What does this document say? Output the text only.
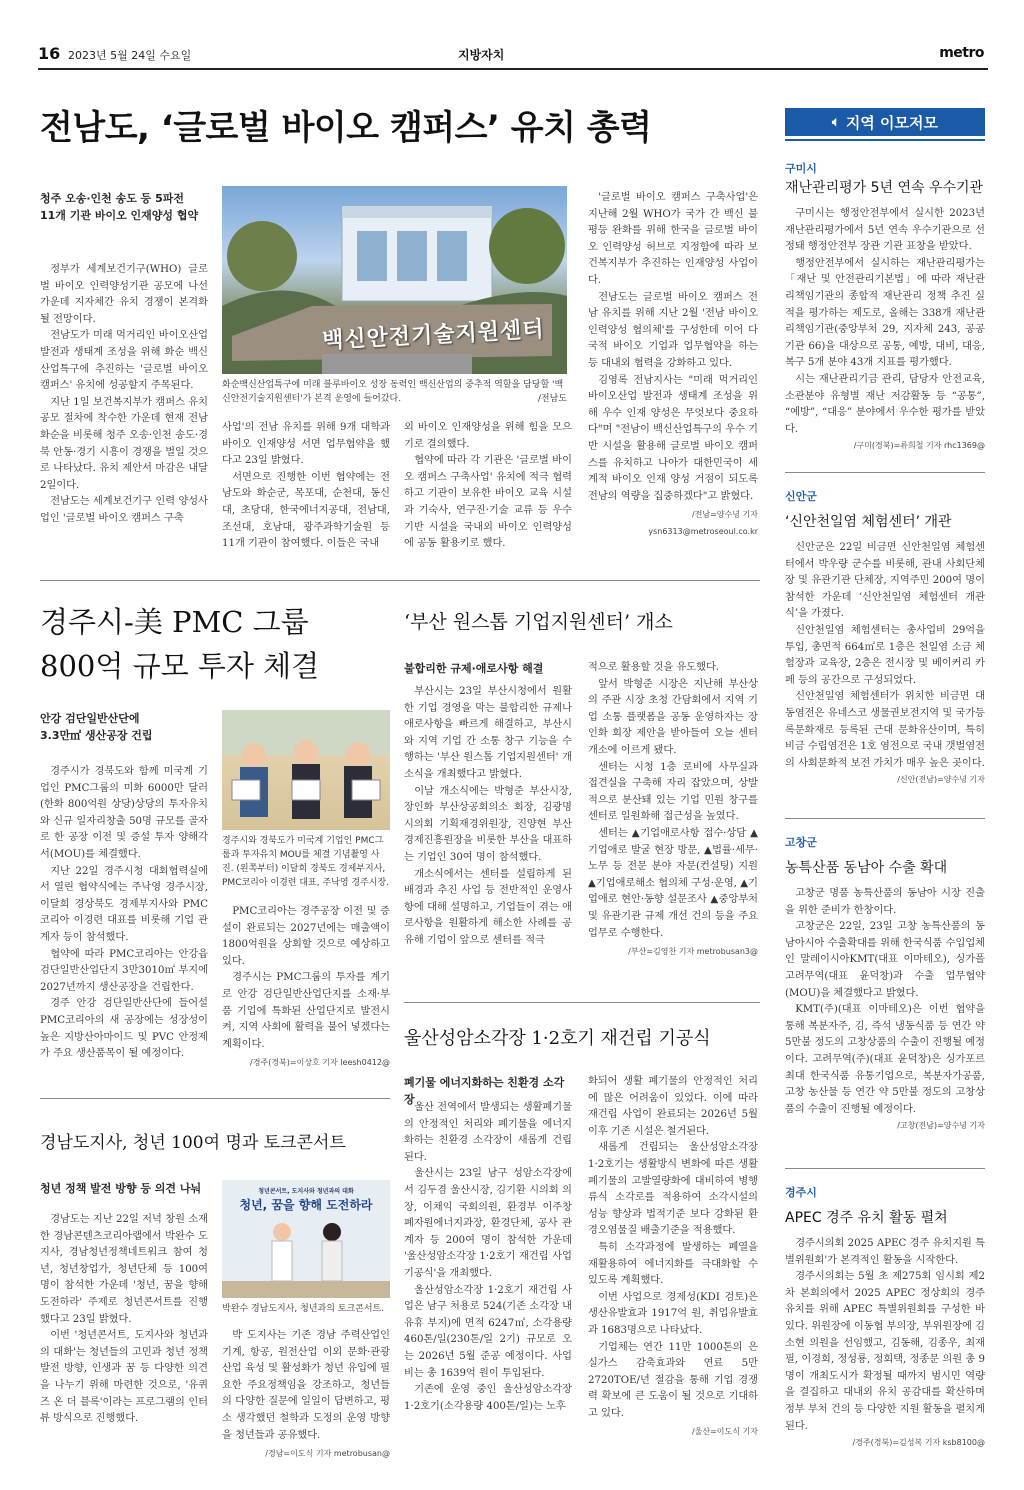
16 2023년 5월 24일 수요일	지방자치	metro
🔈︎ 지역 이모저모
구미시
재난관리평가 5년 연속 우수기관

구미시는 행정안전부에서 실시한 2023년 재난관리평가에서 5년 연속 우수기관으로 선정돼 행정안전부 장관 기관 표창을 받았다.

행정안전부에서 실시하는 재난관리평가는 「재난 및 안전관리기본법」에 따라 재난관리책임기관의 종합적 재난관리 정책 추진 실적을 평가하는 제도로, 올해는 338개 재난관리책임기관(중앙부처 29, 지자체 243, 공공기관 66)을 대상으로 공통, 예방, 대비, 대응, 복구 5개 분야 43개 지표를 평가했다.

시는 재난관리기금 관리, 담당자 안전교육, 소관분야 유형별 재난 저감활동 등 “공통”, “예방”, “대응” 분야에서 우수한 평가를 받았다.

/구미(경북)=류희철 기자 rhc1369@
신안군
‘신안천일염 체험센터’ 개관

신안군은 22일 비금면 신안천일염 체험센터에서 박우량 군수를 비롯해, 관내 사회단체장 및 유관기관 단체장, 지역주민 200여 명이 참석한 가운데 ‘신안천일염 체험센터 개관식’을 가졌다.

신안천일염 체험센터는 총사업비 29억을 투입, 총면적 664㎡로 1층은 천일염 소금 체험장과 교육장, 2층은 전시장 및 베이커리 카페 등의 공간으로 구성되었다.

신안천일염 체험센터가 위치한 비금면 대동염전은 유네스코 생물권보전지역 및 국가등록문화재로 등록된 근대 문화유산이며, 특히 비금 수립염전은 1호 염전으로 국내 갯벌염전의 사회문화적 보전 가치가 매우 높은 곳이다.

/신안(전남)=양수녕 기자
고창군
농특산품 동남아 수출 확대

고창군 명품 농특산품의 동남아 시장 진출을 위한 준비가 한창이다.

고창군은 22일, 23일 고창 농특산품의 동남아시아 수출확대를 위해 한국식품 수입업체인 말레이시아KMT(대표 이마테오), 싱가폴 고려무역(대표 윤덕창)과 수출 업무협약(MOU)을 체결했다고 밝혔다.

KMT(주)(대표 이마테오)은 이번 협약을 통해 복분자주, 김, 즉석 냉동식품 등 연간 약 5만불 정도의 고창상품의 수출이 진행될 예정이다. 고려무역(주)(대표 윤덕창)은 싱가포르 최대 한국식품 유통기업으로, 복분자가공품, 고창 농산물 등 연간 약 5만불 정도의 고창상품의 수출이 진행될 예정이다.

/고창(전남)=양수녕 기자
경주시
APEC 경주 유치 활동 펼쳐

경주시의회 2025 APEC 경주 유치지원 특별위원회'가 본격적인 활동을 시작한다.

경주시의회는 5월 초 제275회 임시회 제2차 본회의에서 2025 APEC 정상회의 경주 유치를 위해 APEC 특별위원회를 구성한 바 있다. 위원장에 이동협 부의장, 부위원장에 김소현 의원을 선임했고, 김동해, 김종우, 최재필, 이경희, 정성룡, 정희택, 정종문 의원 총 9명이 개최도시가 확정될 때까지 범시민 역량을 결집하고 대내외 유치 공감대를 확산하며 정부 부처 건의 등 다양한 지원 활동을 펼치게 된다.

/경주(경북)=김성복 기자 ksb8100@
전남도, ‘글로벌 바이오 캠퍼스’ 유치 총력
청주 오송·인천 송도 등 5파전
11개 기관 바이오 인재양성 협약

정부가 세계보건기구(WHO) 글로벌 바이오 인력양성기관 공모에 나선 가운데 지자체간 유치 경쟁이 본격화될 전망이다.

전남도가 미래 먹거리인 바이오산업 발전과 생태계 조성을 위해 화순 백신산업특구에 추진하는 '글로벌 바이오 캠퍼스' 유치에 성공할지 주목된다.

지난 1일 보건복지부가 캠퍼스 유치 공모 절차에 착수한 가운데 현재 전남 화순을 비롯해 청주 오송·인천 송도·경북 안동·경기 시흥이 경쟁을 벌일 것으로 나타났다. 유치 제안서 마감은 내달 2일이다.

전남도는 세계보건기구 인력 양성사업인 '글로벌 바이오 캠퍼스 구축

백신안전기술지원센터
화순백신산업특구에 미래 블루바이오 성장 동력인 백신산업의 중추적 역할을 담당할 '백신안전기술지원센터'가 본격 운영에 들어갔다.	/전남도

사업'의 전남 유치를 위해 9개 대학과 바이오 인재양성 서면 업무협약을 했다고 23일 밝혔다.

서면으로 진행한 이번 협약에는 전남도와 화순군, 목포대, 순천대, 동신대, 초당대, 한국에너지공대, 전남대, 조선대, 호남대, 광주과학기술원 등 11개 기관이 참여했다. 이들은 국내

외 바이오 인재양성을 위해 힘을 모으기로 결의했다.

협약에 따라 각 기관은 '글로벌 바이오 캠퍼스 구축사업' 유치에 적극 협력하고 기관이 보유한 바이오 교육 시설과 기숙사, 연구진·기술 교류 등 우수 기반 시설을 국내외 바이오 인력양성에 공동 활용키로 했다.

'글로벌 바이오 캠퍼스 구축사업'은 지난해 2월 WHO가 국가 간 백신 불평등 완화를 위해 한국을 글로벌 바이오 인력양성 허브로 지정함에 따라 보건복지부가 추진하는 인재양성 사업이다.

전남도는 글로벌 바이오 캠퍼스 전남 유치를 위해 지난 2월 '전남 바이오인력양성 협의체'를 구성한데 이어 다국적 바이오 기업과 업무협약을 하는 등 대내외 협력을 강화하고 있다.

김영록 전남지사는 "미래 먹거리인 바이오산업 발전과 생태계 조성을 위해 우수 인재 양성은 무엇보다 중요하다"며 "전남이 백신산업특구의 우수 기반 시설을 활용해 글로벌 바이오 캠퍼스를 유치하고 나아가 대한민국이 세계적 바이오 인재 양성 거점이 되도록 전남의 역량을 집중하겠다"고 밝혔다.

/전남=양수녕 기자 ysn6313@metroseoul.co.kr
경주시-美 PMC 그룹
800억 규모 투자 체결
안강 검단일반산단에
3.3만㎡ 생산공장 건립

경주시가 경북도와 함께 미국계 기업인 PMC그룹의 미화 6000만 달러(한화 800억원 상당)상당의 투자유치와 신규 일자리창출 50명 규모를 골자로 한 공장 이전 및 증설 투자 양해각서(MOU)를 체결했다.

지난 22일 경주시청 대회협력실에서 열린 협약식에는 주낙영 경주시장, 이달희 경상북도 경제부지사와 PMC코리아 이경련 대표를 비롯해 기업 관계자 등이 참석했다.

협약에 따라 PMC코리아는 안강읍 검단일반산업단지 3만3010㎡ 부지에 2027년까지 생산공장을 건립한다.

경주 안강 검단일반산단에 들어설 PMC코리아의 새 공장에는 성장성이 높은 지방산아마이드 및 PVC 안정제가 주요 생산품목이 될 예정이다.

경주시와 경북도가 미국계 기업인 PMC그룹과 투자유치 MOU를 체결 기념촬영 사진. (왼쪽부터) 이달희 경북도 경제부지사, PMC코리아 이경련 대표, 주낙영 경주시장.

PMC코리아는 경주공장 이전 및 증설이 완료되는 2027년에는 매출액이 1800억원을 상회할 것으로 예상하고 있다.

경주시는 PMC그룹의 투자를 계기로 안강 검단일반산업단지를 소재·부품 기업에 특화된 산업단지로 발전시켜, 지역 사회에 활력을 불어 넣겠다는 계획이다.

/경주(경북)=이상호 기자 leesh0412@
‘부산 원스톱 기업지원센터’ 개소
불합리한 규제·애로사항 해결

부산시는 23일 부산시청에서 원활한 기업 경영을 막는 불합리한 규제나 애로사항을 빠르게 해결하고, 부산시와 지역 기업 간 소통 창구 기능을 수행하는 '부산 원스톱 기업지원센터' 개소식을 개최했다고 밝혔다.

이날 개소식에는 박형준 부산시장, 장인화 부산상공회의소 회장, 김광명 시의회 기획재경위원장, 진양현 부산경제진흥원장을 비롯한 부산을 대표하는 기업인 30여 명이 참석했다.

개소식에서는 센터를 설립하게 된 배경과 추진 사업 등 전반적인 운영사항에 대해 설명하고, 기업들이 겪는 애로사항을 원활하게 해소한 사례를 공유해 기업이 앞으로 센터를 적극

적으로 활용할 것을 유도했다.

앞서 박형준 시장은 지난해 부산상의 주관 시장 초청 간담회에서 지역 기업 소통 플랫폼을 공동 운영하자는 장인화 회장 제안을 받아들여 오늘 센터 개소에 이르게 됐다.

센터는 시청 1층 로비에 사무실과 접견실을 구축해 자리 잡았으며, 상발적으로 분산돼 있는 기업 민원 창구를 센터로 일원화해 접근성을 높였다.

센터는 ▲기업애로사항 접수·상담 ▲기업애로 발굴 현장 방문, ▲법률·세무·노무 등 전문 분야 자문(컨설팅) 지원 ▲기업애로해소 협의체 구성·운영, ▲기업애로 현안·동향 설문조사 ▲중앙부처 및 유관기관 규제 개선 건의 등을 주요 업무로 수행한다.

/부산=김영찬 기자 metrobusan3@
울산성암소각장 1·2호기 재건립 기공식
폐기물 에너지화하는 친환경 소각장

울산 전역에서 발생되는 생활폐기물의 안정적인 처리와 폐기물을 에너지화하는 친환경 소각장이 새롭게 건립된다.

울산시는 23일 남구 성암소각장에서 김두겸 울산시장, 김기환 시의회 의장, 이채익 국회의원, 환경부 이주창 폐자원에너지과장, 환경단체, 공사 관계자 등 200여 명이 참석한 가운데 '울산성암소각장 1·2호기 재건립 사업 기공식'을 개최했다.

울산성암소각장 1·2호기 재건립 사업은 남구 처용로 524(기존 소각장 내 유휴 부지)에 면적 6247㎡, 소각용량 460톤/일(230톤/일 2기) 규모로 오는 2026년 5월 준공 예정이다. 사업비는 총 1639억 원이 투입된다.

기존에 운영 중인 울산성암소각장 1·2호기(소각용량 400톤/일)는 노후

화되어 생활 폐기물의 안정적인 처리에 많은 어려움이 있었다. 이에 따라 재건립 사업이 완료되는 2026년 5월 이후 기존 시설은 철거된다.

새롭게 건립되는 울산성암소각장 1·2호기는 생활방식 변화에 따른 생활폐기물의 고발열량화에 대비하여 병행류식 소각로를 적용하여 소각시설의 성능 향상과 법적기준 보다 강화된 환경오염물질 배출기준을 적용했다.

특히 소각과정에 발생하는 폐열을 재활용하여 에너지화를 극대화할 수 있도록 계획했다.

이번 사업으로 경제성(KDI 검토)은 생산유발효과 1917억 원, 취업유발효과 1683명으로 나타났다.

기업체는 연간 11만 1000톤의 은실가스 감축효과와 연료 5만 2720TOE/년 절감을 통해 기업 경쟁력 확보에 큰 도움이 될 것으로 기대하고 있다.

/울산=이도식 기자
경남도지사, 청년 100여 명과 토크콘서트
청년 정책 발전 방향 등 의견 나눠

경남도는 지난 22일 저녁 창원 소재한 경남콘텐츠코리아랩에서 박완수 도지사, 경남청년정책네트워크 참여 청년, 청년창업가, 청년단체 등 100여 명이 참석한 가운데 '청년, 꿈을 향해 도전하라' 주제로 청년콘서트를 진행했다고 23일 밝혔다.

이번 '청년콘서트, 도지사와 청년과의 대화'는 청년들의 고민과 청년 정책 발전 방향, 인생과 꿈 등 다양한 의견을 나누기 위해 마련한 것으로, '유퀴즈 온 더 블록'이라는 프로그램의 인터뷰 방식으로 진행했다.

청년콘서트, 도지사와 청년과의 대화
청년, 꿈을 향해 도전하라
박완수 경남도지사, 청년과의 토크콘서트.

박 도지사는 기존 경남 주력산업인 기계, 항공, 원전산업 이외 문화·관광 산업 육성 및 활성화가 청년 유입에 필요한 주요정책임을 강조하고, 청년들의 다양한 질문에 일일이 답변하고, 평소 생각했던 철학과 도정의 운영 방향을 청년들과 공유했다.

/경남=이도식 기자 metrobusan@
